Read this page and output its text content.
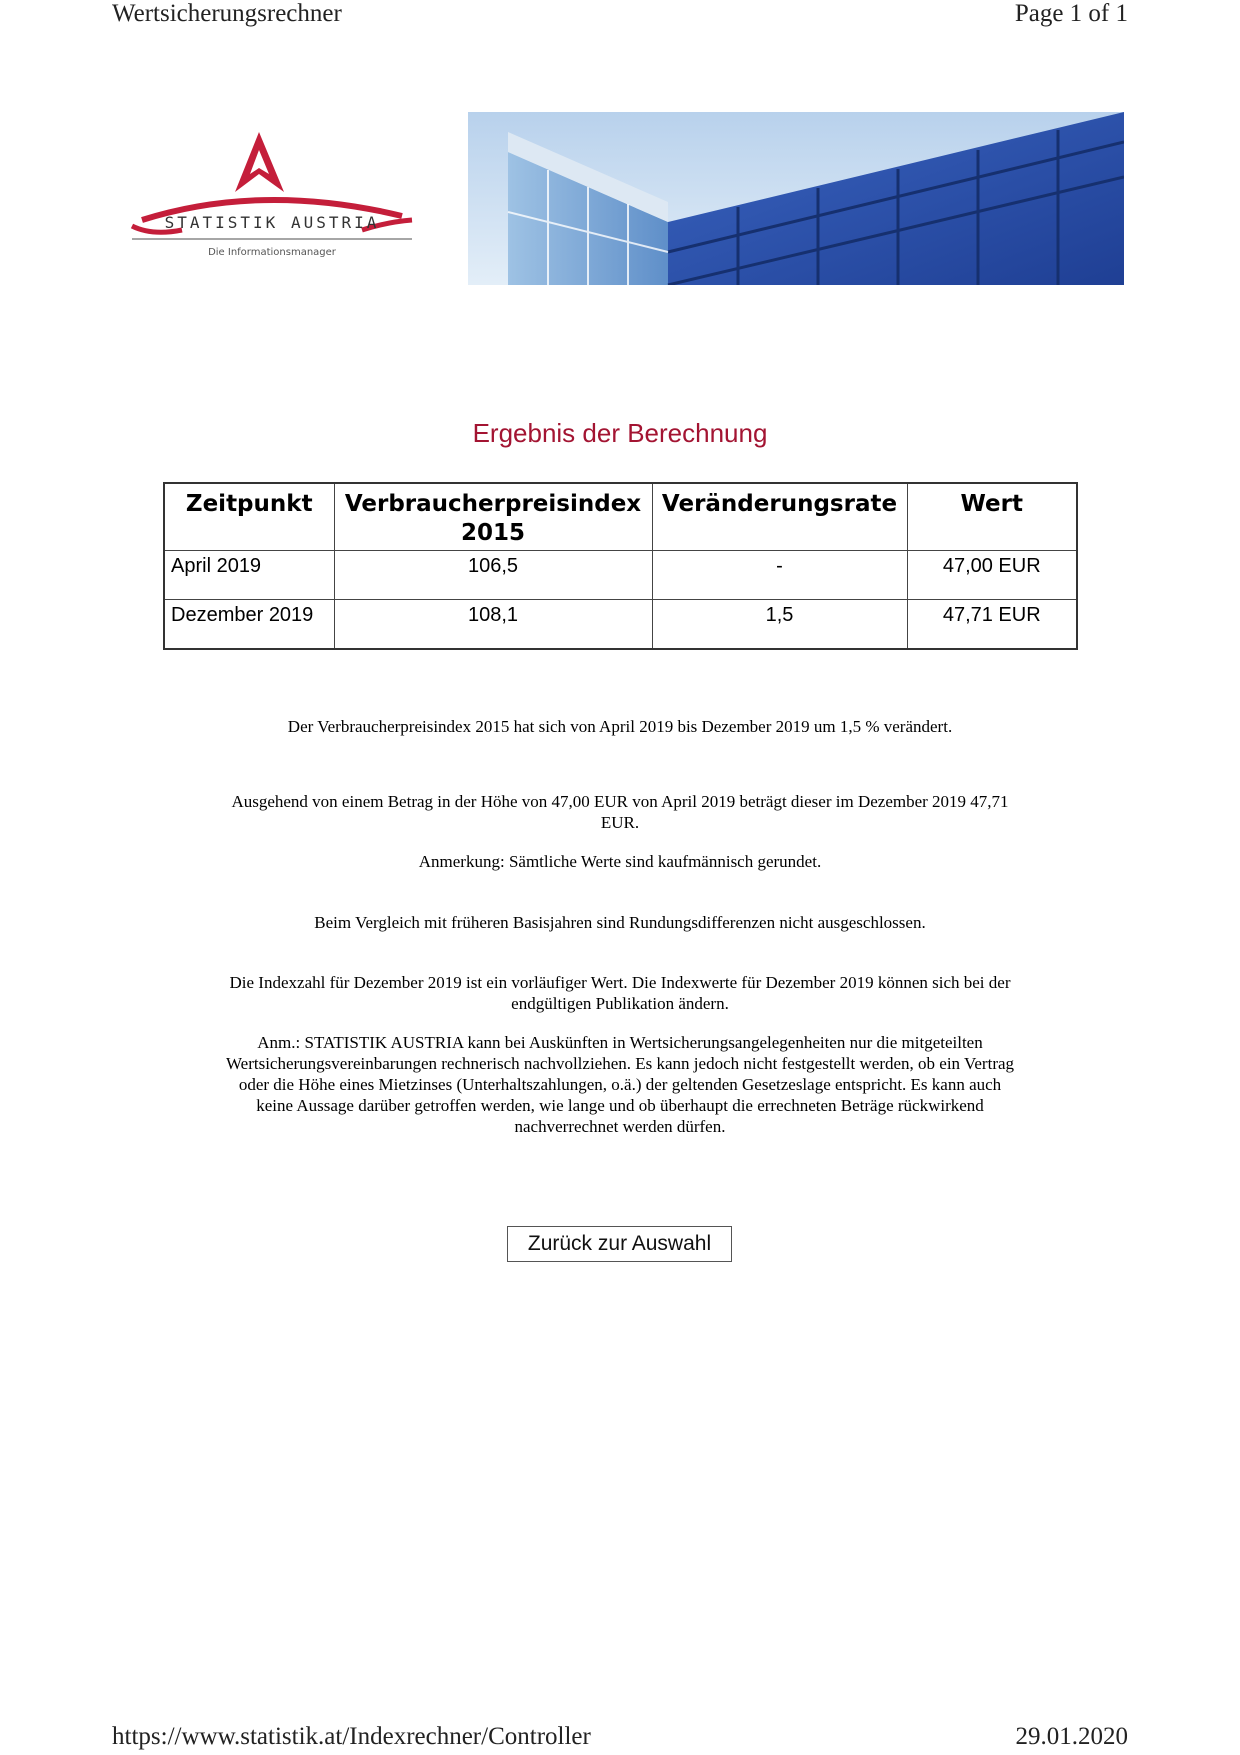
Wertsicherungsrechner	Page 1 of 1
STATISTIK AUSTRIA
Die Informationsmanager
Ergebnis der Berechnung
Zeitpunkt	Verbraucherpreisindex 2015	Veränderungsrate	Wert
April 2019	106,5	-	47,00 EUR
Dezember 2019	108,1	1,5	47,71 EUR

Der Verbraucherpreisindex 2015 hat sich von April 2019 bis Dezember 2019 um 1,5 % verändert.

Ausgehend von einem Betrag in der Höhe von 47,00 EUR von April 2019 beträgt dieser im Dezember 2019 47,71 EUR.

Anmerkung: Sämtliche Werte sind kaufmännisch gerundet.

Beim Vergleich mit früheren Basisjahren sind Rundungsdifferenzen nicht ausgeschlossen.

Die Indexzahl für Dezember 2019 ist ein vorläufiger Wert. Die Indexwerte für Dezember 2019 können sich bei der endgültigen Publikation ändern.

Anm.: STATISTIK AUSTRIA kann bei Auskünften in Wertsicherungsangelegenheiten nur die mitgeteilten Wertsicherungsvereinbarungen rechnerisch nachvollziehen. Es kann jedoch nicht festgestellt werden, ob ein Vertrag oder die Höhe eines Mietzinses (Unterhaltszahlungen, o.ä.) der geltenden Gesetzeslage entspricht. Es kann auch keine Aussage darüber getroffen werden, wie lange und ob überhaupt die errechneten Beträge rückwirkend nachverrechnet werden dürfen.

Zurück zur Auswahl
https://www.statistik.at/Indexrechner/Controller	29.01.2020
